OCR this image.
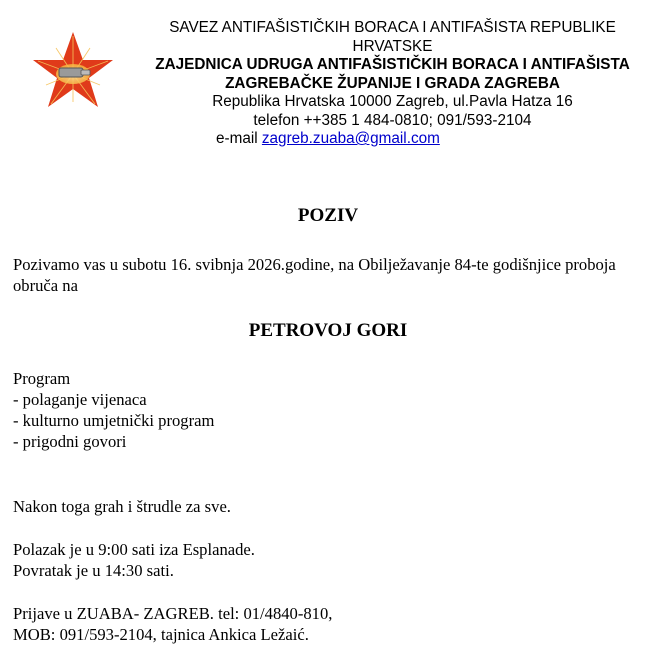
SAVEZ ANTIFAŠISTIČKIH BORACA I ANTIFAŠISTA REPUBLIKE
HRVATSKE
ZAJEDNICA UDRUGA ANTIFAŠISTIČKIH BORACA I ANTIFAŠISTA
ZAGREBAČKE ŽUPANIJE I GRADA ZAGREBA
Republika Hrvatska 10000 Zagreb, ul.Pavla Hatza 16
telefon ++385 1 484-0810; 091/593-2104
e-mail zagreb.zuaba@gmail.com
POZIV

Pozivamo vas u subotu 16. svibnja 2026.godine, na Obilježavanje 84-te godišnjice proboja obruča na

PETROVOJ GORI
Program
- polaganje vijenaca
- kulturno umjetnički program
- prigodni govori

Nakon toga grah i štrudle za sve.

Polazak je u 9:00 sati iza Esplanade.

Povratak je u 14:30 sati.

Prijave u ZUABA- ZAGREB. tel: 01/4840-810,

MOB: 091/593-2104, tajnica Ankica Ležaić.
